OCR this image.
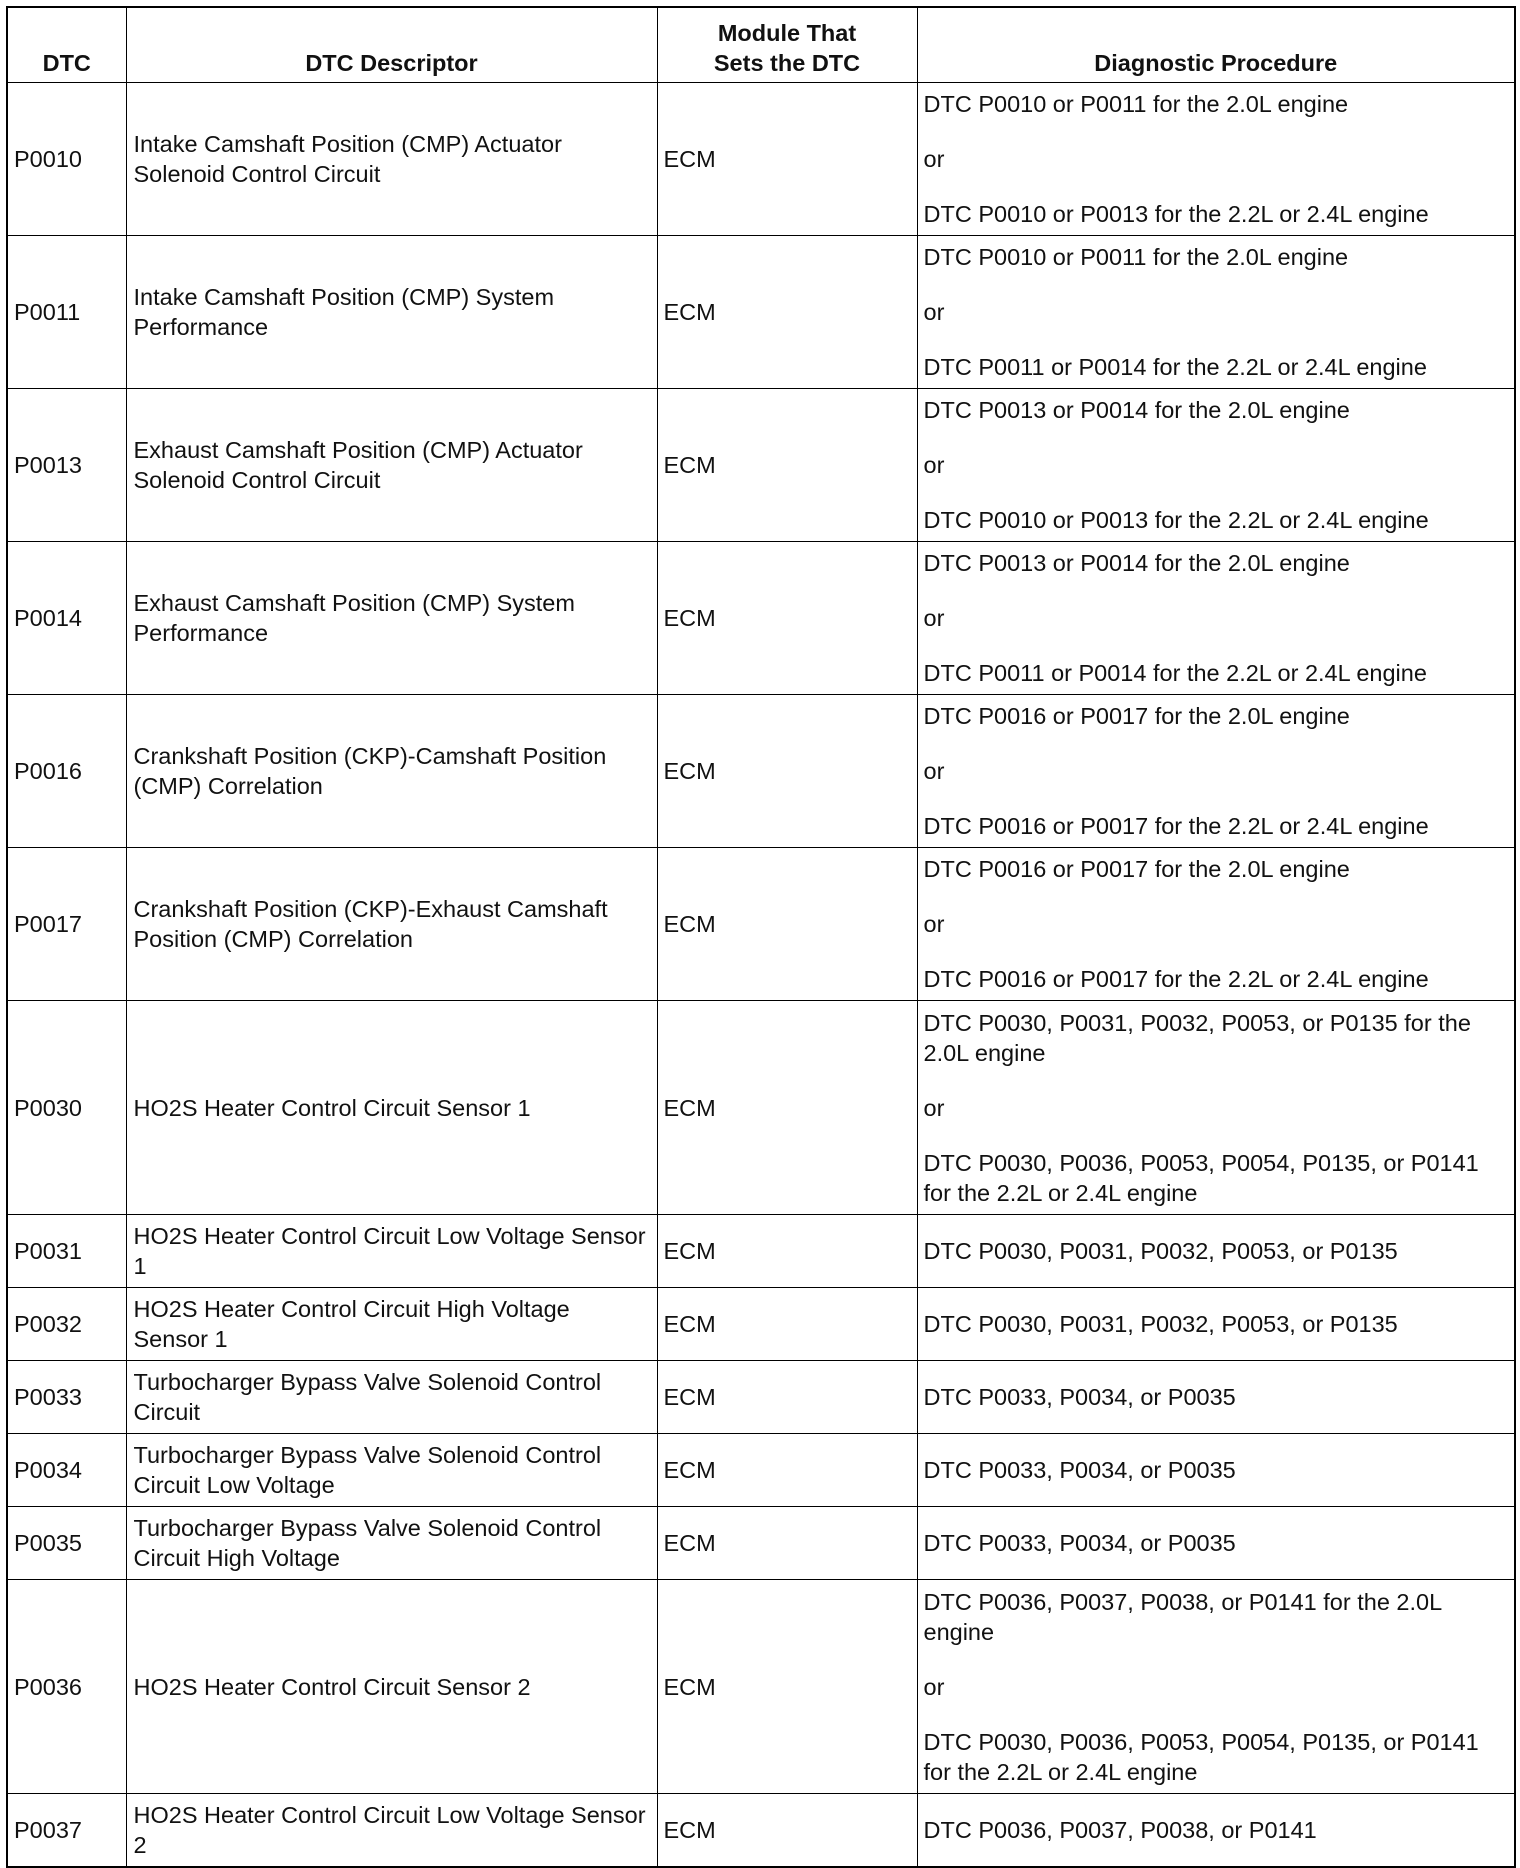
DTC	DTC Descriptor	Module That Sets the DTC	Diagnostic Procedure
P0010	Intake Camshaft Position (CMP) Actuator Solenoid Control Circuit	ECM	DTC P0010 or P0011 for the 2.0L engine
or
DTC P0010 or P0013 for the 2.2L or 2.4L engine

P0011	Intake Camshaft Position (CMP) System Performance	ECM	DTC P0010 or P0011 for the 2.0L engine
or
DTC P0011 or P0014 for the 2.2L or 2.4L engine

P0013	Exhaust Camshaft Position (CMP) Actuator Solenoid Control Circuit	ECM	DTC P0013 or P0014 for the 2.0L engine
or
DTC P0010 or P0013 for the 2.2L or 2.4L engine

P0014	Exhaust Camshaft Position (CMP) System Performance	ECM	DTC P0013 or P0014 for the 2.0L engine
or
DTC P0011 or P0014 for the 2.2L or 2.4L engine

P0016	Crankshaft Position (CKP)-Camshaft Position (CMP) Correlation	ECM	DTC P0016 or P0017 for the 2.0L engine
or
DTC P0016 or P0017 for the 2.2L or 2.4L engine

P0017	Crankshaft Position (CKP)-Exhaust Camshaft Position (CMP) Correlation	ECM	DTC P0016 or P0017 for the 2.0L engine
or
DTC P0016 or P0017 for the 2.2L or 2.4L engine

P0030	HO2S Heater Control Circuit Sensor 1	ECM	DTC P0030, P0031, P0032, P0053, or P0135 for the 2.0L engine
or
DTC P0030, P0036, P0053, P0054, P0135, or P0141 for the 2.2L or 2.4L engine

P0031	HO2S Heater Control Circuit Low Voltage Sensor 1	ECM	DTC P0030, P0031, P0032, P0053, or P0135

P0032	HO2S Heater Control Circuit High Voltage Sensor 1	ECM	DTC P0030, P0031, P0032, P0053, or P0135

P0033	Turbocharger Bypass Valve Solenoid Control Circuit	ECM	DTC P0033, P0034, or P0035

P0034	Turbocharger Bypass Valve Solenoid Control Circuit Low Voltage	ECM	DTC P0033, P0034, or P0035

P0035	Turbocharger Bypass Valve Solenoid Control Circuit High Voltage	ECM	DTC P0033, P0034, or P0035

P0036	HO2S Heater Control Circuit Sensor 2	ECM	DTC P0036, P0037, P0038, or P0141 for the 2.0L engine
or
DTC P0030, P0036, P0053, P0054, P0135, or P0141 for the 2.2L or 2.4L engine

P0037	HO2S Heater Control Circuit Low Voltage Sensor 2	ECM	DTC P0036, P0037, P0038, or P0141
